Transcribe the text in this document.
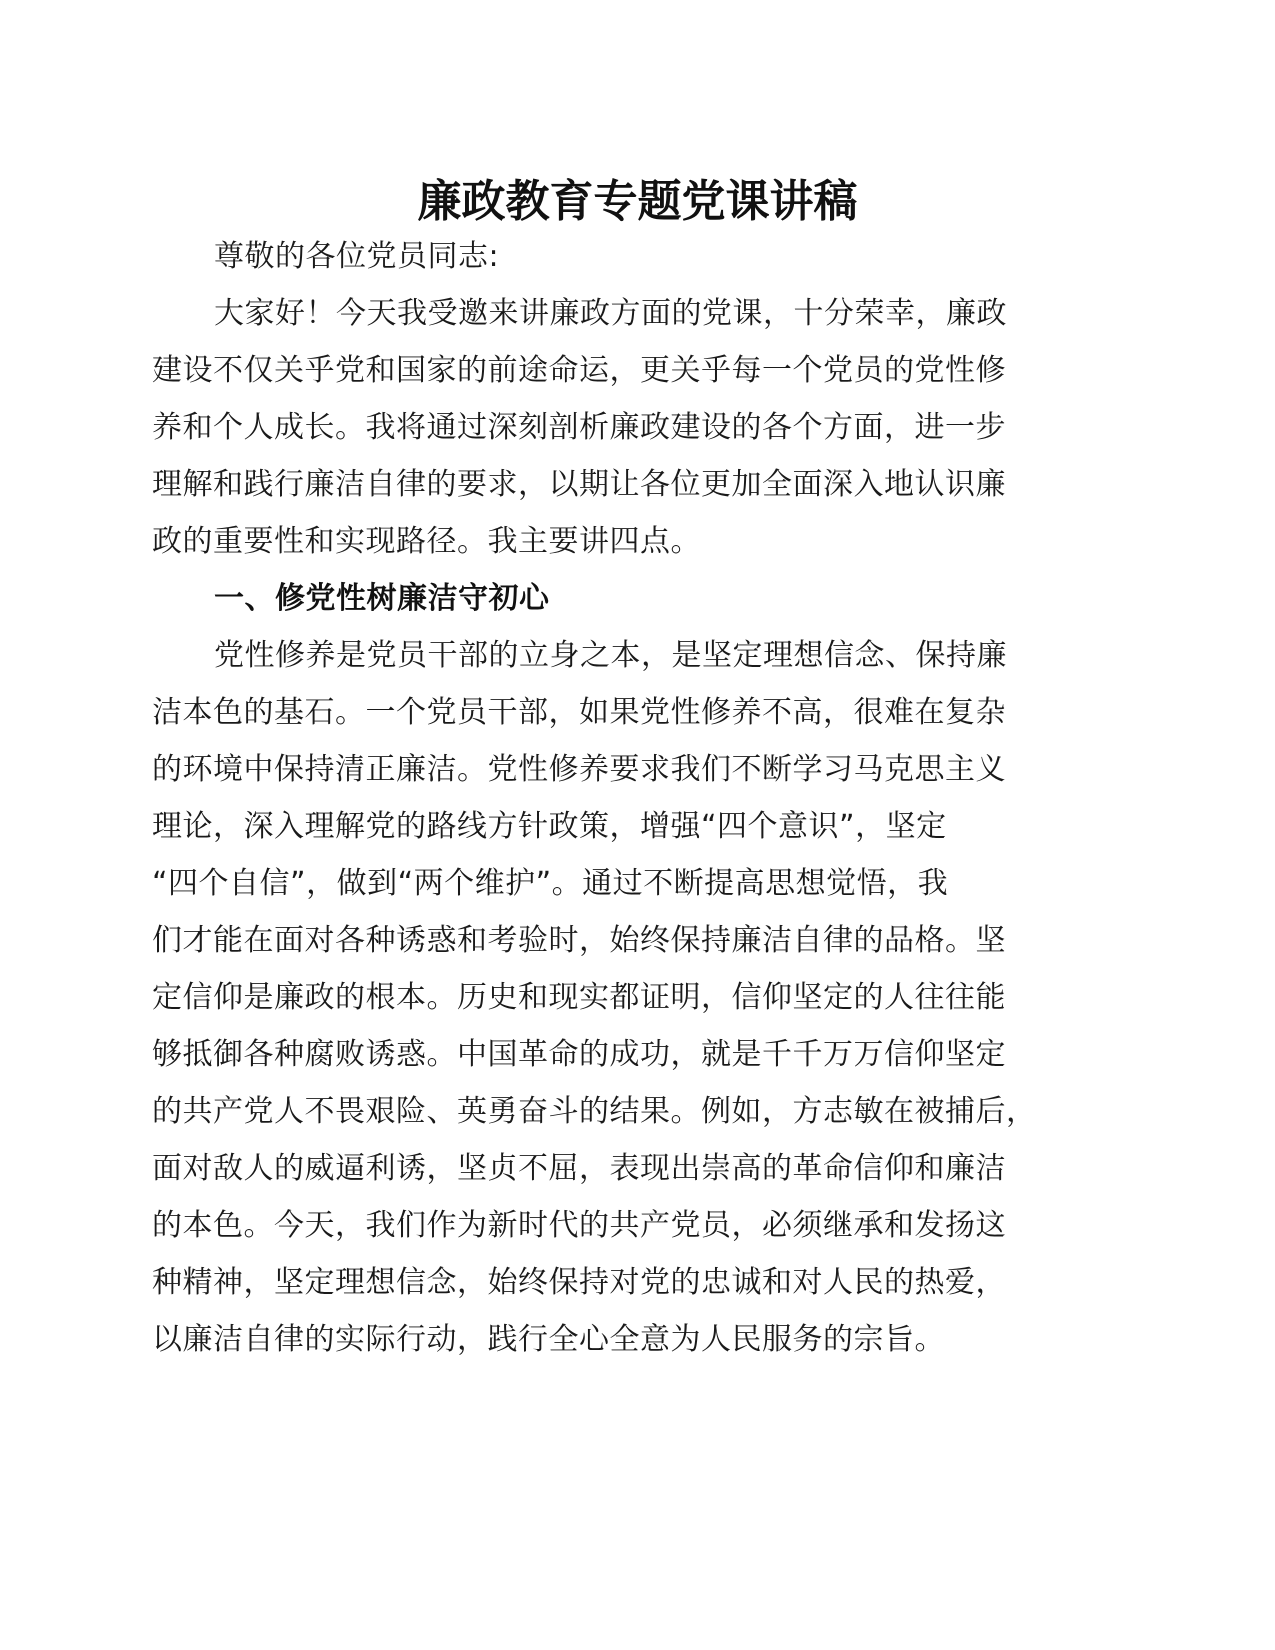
廉政教育专题党课讲稿
尊敬的各位党员同志:
大家好！今天我受邀来讲廉政方面的党课，十分荣幸，廉政
建设不仅关乎党和国家的前途命运，更关乎每一个党员的党性修
养和个人成长。我将通过深刻剖析廉政建设的各个方面，进一步
理解和践行廉洁自律的要求，以期让各位更加全面深入地认识廉
政的重要性和实现路径。我主要讲四点。
一、修党性树廉洁守初心
党性修养是党员干部的立身之本，是坚定理想信念、保持廉
洁本色的基石。一个党员干部，如果党性修养不高，很难在复杂
的环境中保持清正廉洁。党性修养要求我们不断学习马克思主义
理论，深入理解党的路线方针政策，增强“四个意识”，坚定
“四个自信”，做到“两个维护”。通过不断提高思想觉悟，我
们才能在面对各种诱惑和考验时，始终保持廉洁自律的品格。坚
定信仰是廉政的根本。历史和现实都证明，信仰坚定的人往往能
够抵御各种腐败诱惑。中国革命的成功，就是千千万万信仰坚定
的共产党人不畏艰险、英勇奋斗的结果。例如，方志敏在被捕后，
面对敌人的威逼利诱，坚贞不屈，表现出崇高的革命信仰和廉洁
的本色。今天，我们作为新时代的共产党员，必须继承和发扬这
种精神，坚定理想信念，始终保持对党的忠诚和对人民的热爱，
以廉洁自律的实际行动，践行全心全意为人民服务的宗旨。
